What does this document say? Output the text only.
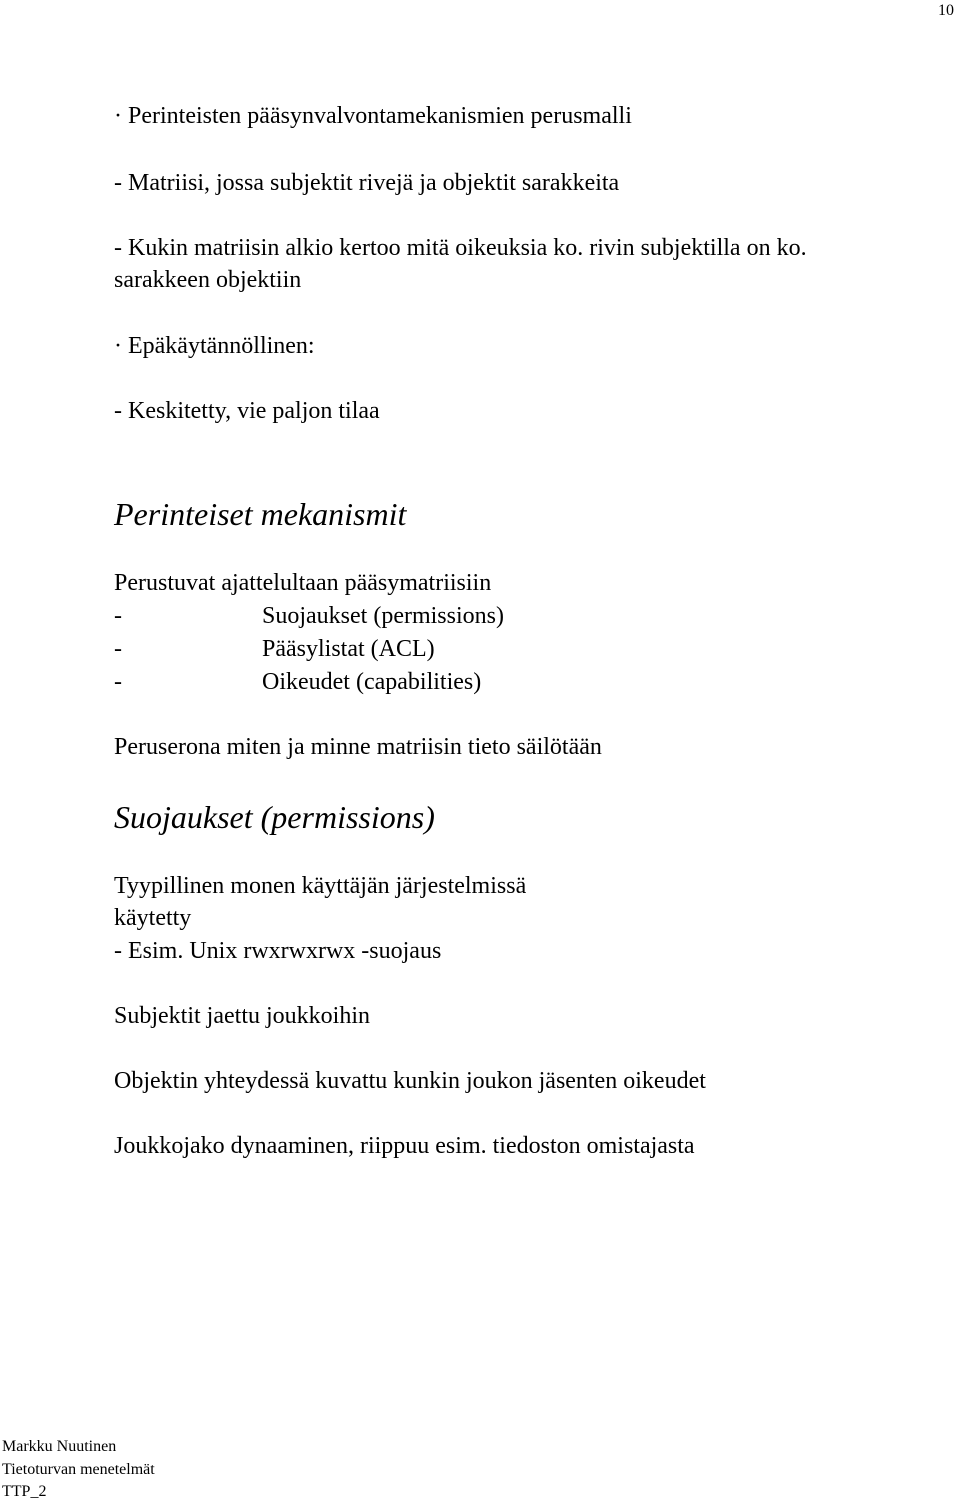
10
· Perinteisten pääsynvalvontamekanismien perusmalli
- Matriisi, jossa subjektit rivejä ja objektit sarakkeita
- Kukin matriisin alkio kertoo mitä oikeuksia ko. rivin subjektilla on ko.
sarakkeen objektiin
· Epäkäytännöllinen:
- Keskitetty, vie paljon tilaa
Perinteiset mekanismit
Perustuvat ajattelultaan pääsymatriisiin
-	Suojaukset (permissions)
-	Pääsylistat (ACL)
-	Oikeudet (capabilities)
Peruserona miten ja minne matriisin tieto säilötään
Suojaukset (permissions)
Tyypillinen monen käyttäjän järjestelmissä
käytetty
- Esim. Unix rwxrwxrwx -suojaus
Subjektit jaettu joukkoihin
Objektin yhteydessä kuvattu kunkin joukon jäsenten oikeudet
Joukkojako dynaaminen, riippuu esim. tiedoston omistajasta
Markku Nuutinen
Tietoturvan menetelmät
TTP_2
